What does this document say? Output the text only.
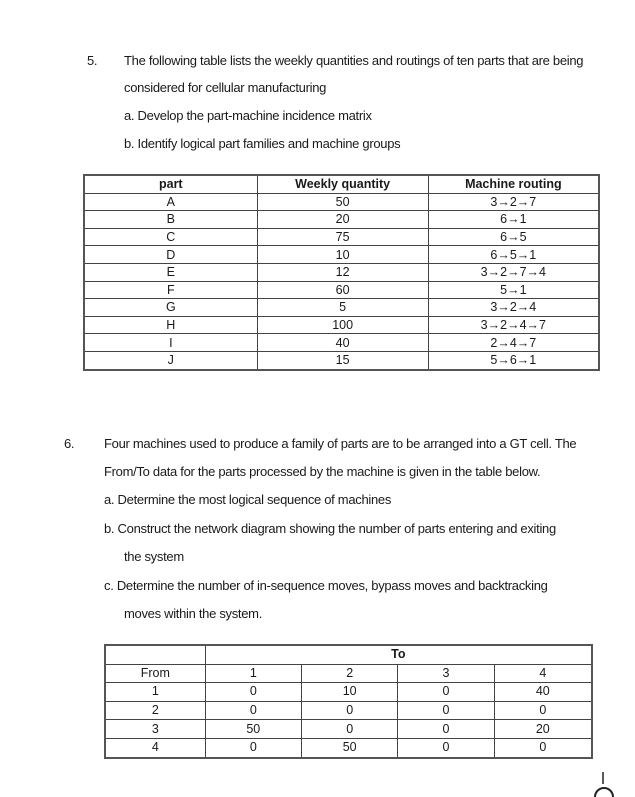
5. The following table lists the weekly quantities and routings of ten parts that are being
considered for cellular manufacturing
a. Develop the part-machine incidence matrix
b. Identify logical part families and machine groups
part	Weekly quantity	Machine routing
A	50	3→2→7
B	20	6→1
C	75	6→5
D	10	6→5→1
E	12	3→2→7→4
F	60	5→1
G	5	3→2→4
H	100	3→2→4→7
I	40	2→4→7
J	15	5→6→1
6. Four machines used to produce a family of parts are to be arranged into a GT cell. The
From/To data for the parts processed by the machine is given in the table below.
a. Determine the most logical sequence of machines
b. Construct the network diagram showing the number of parts entering and exiting
the system
c. Determine the number of in-sequence moves, bypass moves and backtracking
moves within the system.
	To			
From	1	2	3	4
1	0	10	0	40
2	0	0	0	0
3	50	0	0	20
4	0	50	0	0
